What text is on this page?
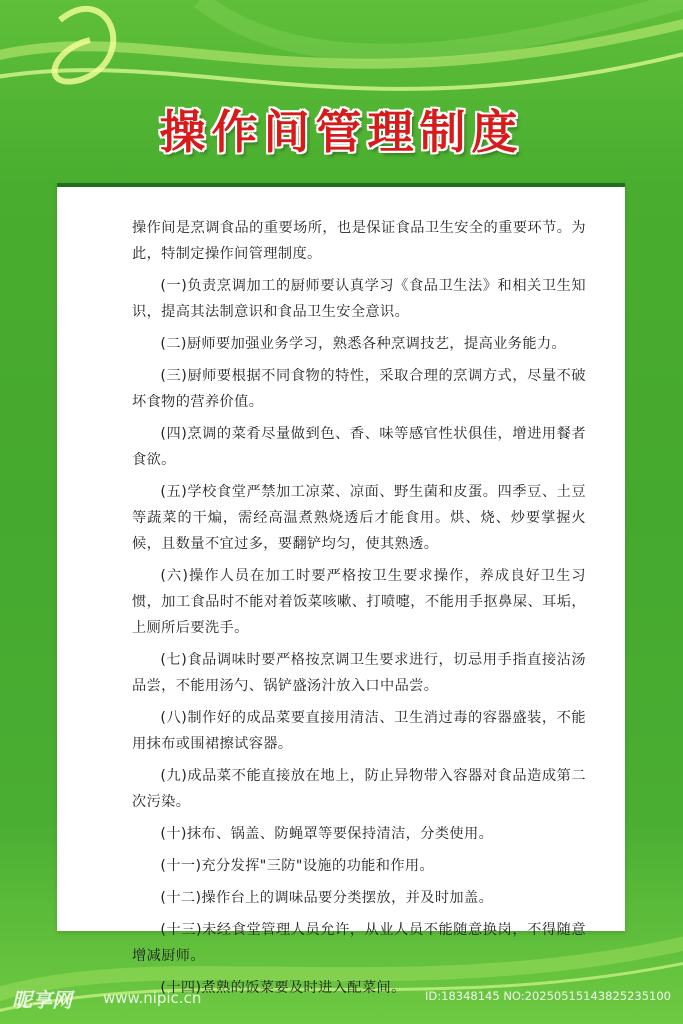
操作间管理制度

操作间是烹调食品的重要场所，也是保证食品卫生安全的重要环节。为此，特制定操作间管理制度。

(一)负责烹调加工的厨师要认真学习《食品卫生法》和相关卫生知识，提高其法制意识和食品卫生安全意识。

(二)厨师要加强业务学习，熟悉各种烹调技艺，提高业务能力。

(三)厨师要根据不同食物的特性，采取合理的烹调方式，尽量不破坏食物的营养价值。

(四)烹调的菜肴尽量做到色、香、味等感官性状俱佳，增进用餐者食欲。

(五)学校食堂严禁加工凉菜、凉面、野生菌和皮蛋。四季豆、土豆等蔬菜的干煸，需经高温煮熟烧透后才能食用。烘、烧、炒要掌握火候，且数量不宜过多，要翻铲均匀，使其熟透。

(六)操作人员在加工时要严格按卫生要求操作，养成良好卫生习惯，加工食品时不能对着饭菜咳嗽、打喷嚏，不能用手抠鼻屎、耳垢，上厕所后要洗手。

(七)食品调味时要严格按烹调卫生要求进行，切忌用手指直接沾汤品尝，不能用汤勺、锅铲盛汤汁放入口中品尝。

(八)制作好的成品菜要直接用清洁、卫生消过毒的容器盛装，不能用抹布或围裙擦试容器。

(九)成品菜不能直接放在地上，防止异物带入容器对食品造成第二次污染。

(十)抹布、锅盖、防蝇罩等要保持清洁，分类使用。

(十一)充分发挥"三防"设施的功能和作用。

(十二)操作台上的调味品要分类摆放，并及时加盖。

(十三)未经食堂管理人员允许，从业人员不能随意换岗，不得随意增减厨师。

(十四)煮熟的饭菜要及时进入配菜间。

昵享网 www.nipic.cn	ID:18348145 NO:20250515143825235100
